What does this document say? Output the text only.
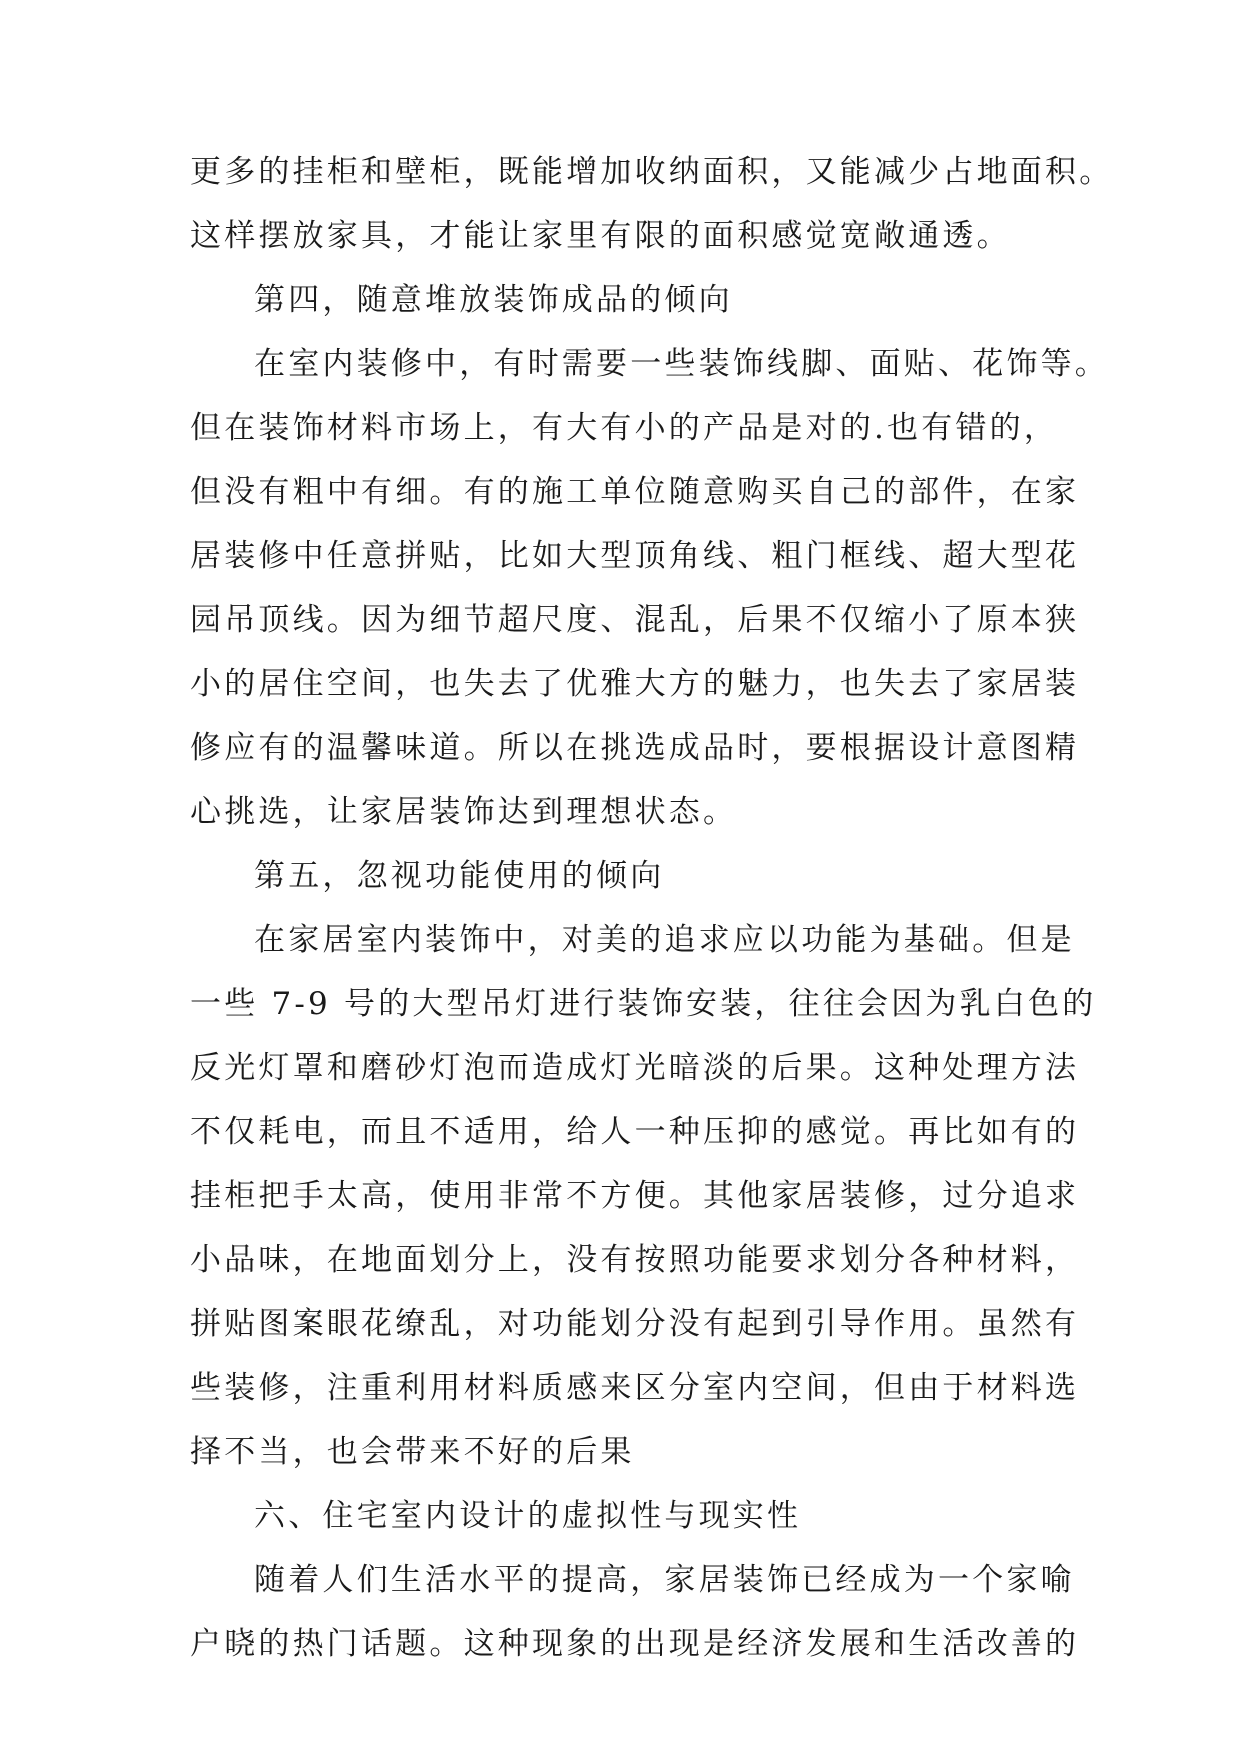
更多的挂柜和壁柜，既能增加收纳面积，又能减少占地面积。
这样摆放家具，才能让家里有限的面积感觉宽敞通透。
第四，随意堆放装饰成品的倾向
在室内装修中，有时需要一些装饰线脚、面贴、花饰等。
但在装饰材料市场上，有大有小的产品是对的.也有错的，
但没有粗中有细。有的施工单位随意购买自己的部件，在家
居装修中任意拼贴，比如大型顶角线、粗门框线、超大型花
园吊顶线。因为细节超尺度、混乱，后果不仅缩小了原本狭
小的居住空间，也失去了优雅大方的魅力，也失去了家居装
修应有的温馨味道。所以在挑选成品时，要根据设计意图精
心挑选，让家居装饰达到理想状态。
第五，忽视功能使用的倾向
在家居室内装饰中，对美的追求应以功能为基础。但是
一些 7-9 号的大型吊灯进行装饰安装，往往会因为乳白色的
反光灯罩和磨砂灯泡而造成灯光暗淡的后果。这种处理方法
不仅耗电，而且不适用，给人一种压抑的感觉。再比如有的
挂柜把手太高，使用非常不方便。其他家居装修，过分追求
小品味，在地面划分上，没有按照功能要求划分各种材料，
拼贴图案眼花缭乱，对功能划分没有起到引导作用。虽然有
些装修，注重利用材料质感来区分室内空间，但由于材料选
择不当，也会带来不好的后果
六、住宅室内设计的虚拟性与现实性
随着人们生活水平的提高，家居装饰已经成为一个家喻
户晓的热门话题。这种现象的出现是经济发展和生活改善的
